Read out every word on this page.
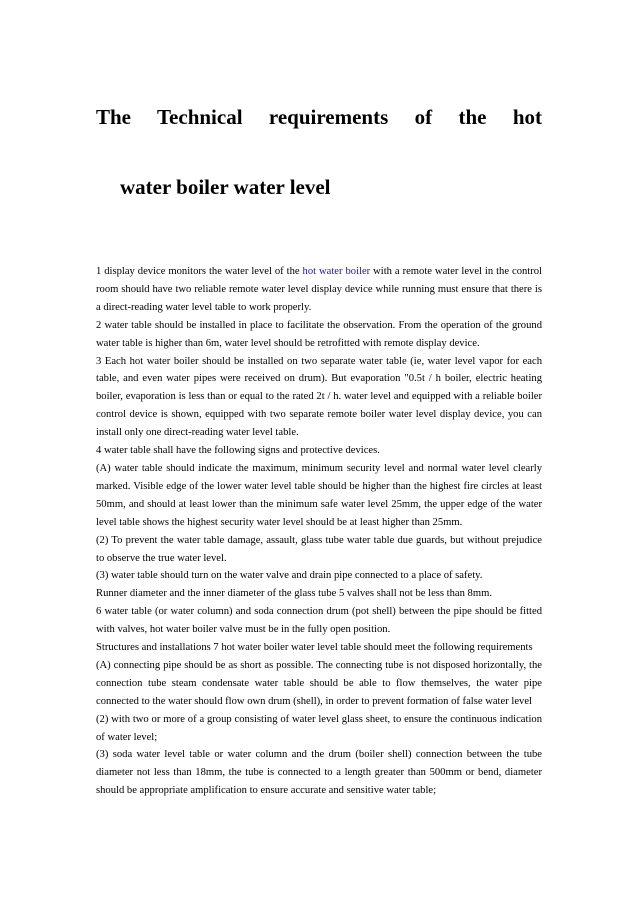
The Technical requirements of the hot
water boiler water level

1 display device monitors the water level of the hot water boiler with a remote water level in the control room should have two reliable remote water level display device while running must ensure that there is a direct-reading water level table to work properly.

2 water table should be installed in place to facilitate the observation. From the operation of the ground water table is higher than 6m, water level should be retrofitted with remote display device.

3 Each hot water boiler should be installed on two separate water table (ie, water level vapor for each table, and even water pipes were received on drum). But evaporation "0.5t / h boiler, electric heating boiler, evaporation is less than or equal to the rated 2t / h. water level and equipped with a reliable boiler control device is shown, equipped with two separate remote boiler water level display device, you can install only one direct-reading water level table.

4 water table shall have the following signs and protective devices.

(A) water table should indicate the maximum, minimum security level and normal water level clearly marked. Visible edge of the lower water level table should be higher than the highest fire circles at least 50mm, and should at least lower than the minimum safe water level 25mm, the upper edge of the water level table shows the highest security water level should be at least higher than 25mm.

(2) To prevent the water table damage, assault, glass tube water table due guards, but without prejudice to observe the true water level.

(3) water table should turn on the water valve and drain pipe connected to a place of safety.

Runner diameter and the inner diameter of the glass tube 5 valves shall not be less than 8mm.

6 water table (or water column) and soda connection drum (pot shell) between the pipe should be fitted with valves, hot water boiler valve must be in the fully open position.

Structures and installations 7 hot water boiler water level table should meet the following requirements

(A) connecting pipe should be as short as possible. The connecting tube is not disposed horizontally, the connection tube steam condensate water table should be able to flow themselves, the water pipe connected to the water should flow own drum (shell), in order to prevent formation of false water level

(2) with two or more of a group consisting of water level glass sheet, to ensure the continuous indication of water level;

(3) soda water level table or water column and the drum (boiler shell) connection between the tube diameter not less than 18mm, the tube is connected to a length greater than 500mm or bend, diameter should be appropriate amplification to ensure accurate and sensitive water table;
